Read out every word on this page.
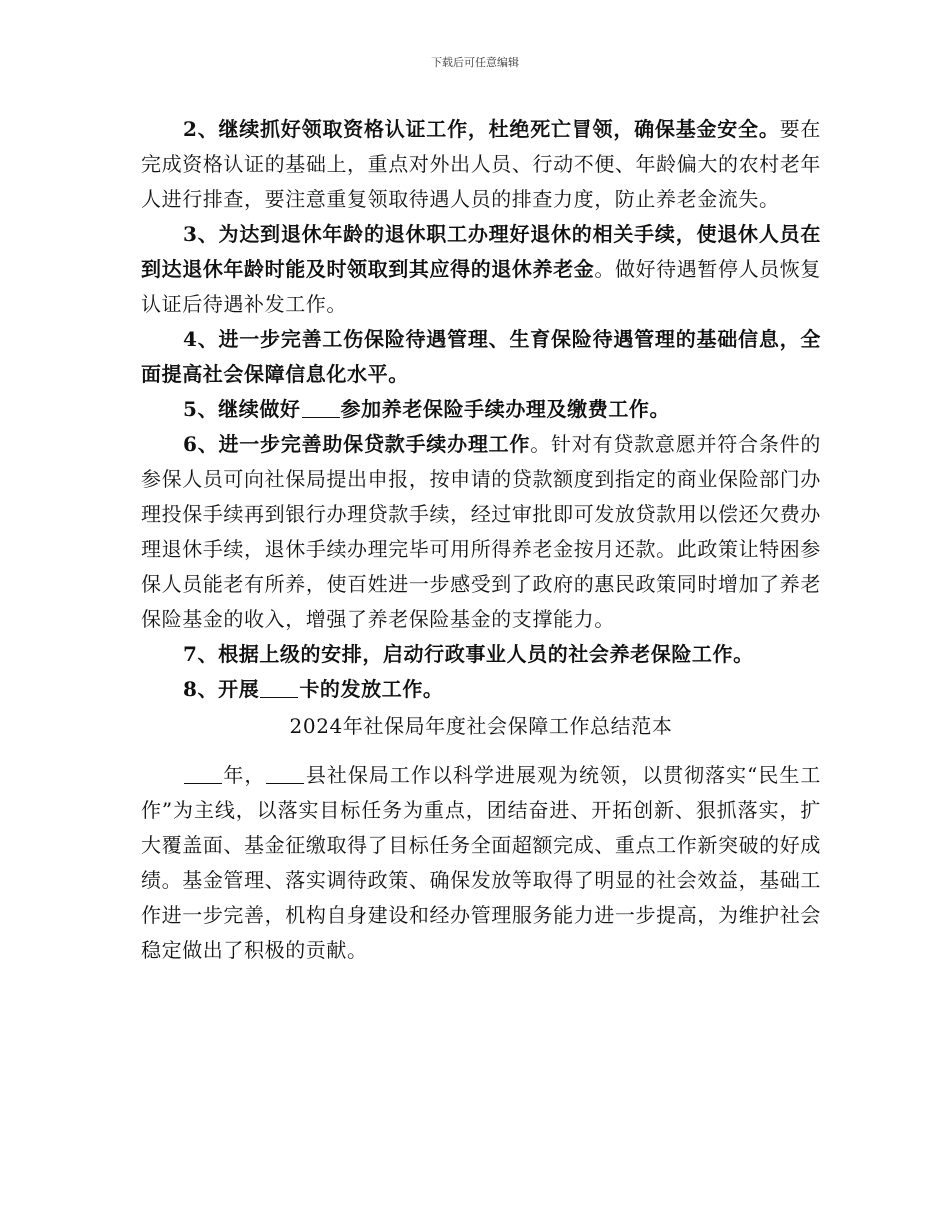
下载后可任意编辑

2、继续抓好领取资格认证工作，杜绝死亡冒领，确保基金安全。要在完成资格认证的基础上，重点对外出人员、行动不便、年龄偏大的农村老年人进行排查，要注意重复领取待遇人员的排查力度，防止养老金流失。

3、为达到退休年龄的退休职工办理好退休的相关手续，使退休人员在到达退休年龄时能及时领取到其应得的退休养老金。做好待遇暂停人员恢复认证后待遇补发工作。

4、进一步完善工伤保险待遇管理、生育保险待遇管理的基础信息，全面提高社会保障信息化水平。

5、继续做好 参加养老保险手续办理及缴费工作。

6、进一步完善助保贷款手续办理工作。针对有贷款意愿并符合条件的参保人员可向社保局提出申报，按申请的贷款额度到指定的商业保险部门办理投保手续再到银行办理贷款手续，经过审批即可发放贷款用以偿还欠费办理退休手续，退休手续办理完毕可用所得养老金按月还款。此政策让特困参保人员能老有所养，使百姓进一步感受到了政府的惠民政策同时增加了养老保险基金的收入，增强了养老保险基金的支撑能力。

7、根据上级的安排，启动行政事业人员的社会养老保险工作。

8、开展 卡的发放工作。

2024年社保局年度社会保障工作总结范本

年， 县社保局工作以科学进展观为统领，以贯彻落实“民生工作”为主线，以落实目标任务为重点，团结奋进、开拓创新、狠抓落实，扩大覆盖面、基金征缴取得了目标任务全面超额完成、重点工作新突破的好成绩。基金管理、落实调待政策、确保发放等取得了明显的社会效益，基础工作进一步完善，机构自身建设和经办管理服务能力进一步提高，为维护社会稳定做出了积极的贡献。
